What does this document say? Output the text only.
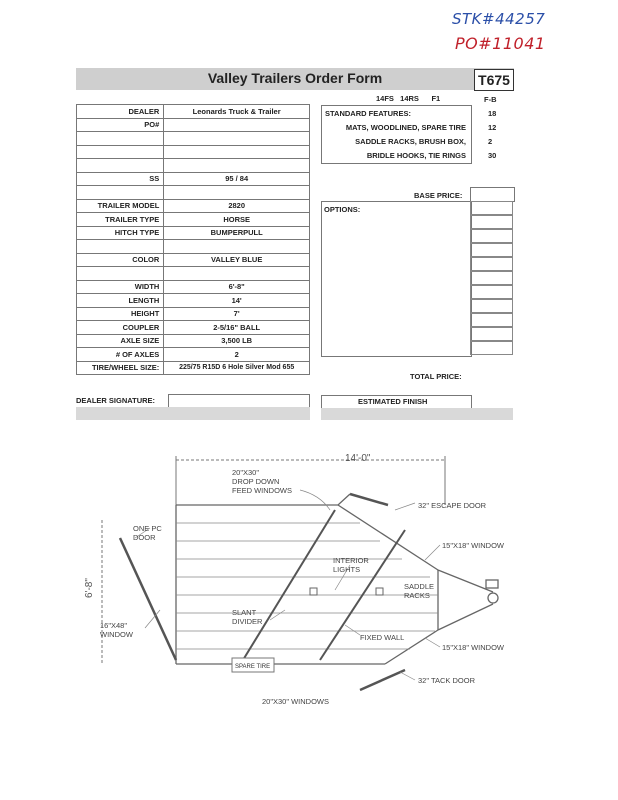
STK#44257
PO#11041
Valley Trailers Order Form	T675
14FS   14RS      F1	F-B
DEALER	Leonards Truck & Trailer
PO#	

SS	95 / 84

TRAILER MODEL	2820
TRAILER TYPE	HORSE
HITCH TYPE	BUMPERPULL

COLOR	VALLEY BLUE

WIDTH	6'-8"
LENGTH	14'
HEIGHT	7'
COUPLER	2-5/16" BALL
AXLE SIZE	3,500 LB
# OF AXLES	2
TIRE/WHEEL SIZE:	225/75 R15D 6 Hole Silver Mod 655
STANDARD FEATURES:	18
MATS, WOODLINED, SPARE TIRE	12
SADDLE RACKS, BRUSH BOX,	2
BRIDLE HOOKS, TIE RINGS	30
BASE PRICE:
OPTIONS:
TOTAL PRICE:
DEALER SIGNATURE:	ESTIMATED FINISH
14'-0"
6'-8"
SPARE TIRE
20"X30"
DROP DOWN
FEED WINDOWS
32" ESCAPE DOOR
ONE PC
DOOR
15"X18" WINDOW
INTERIOR
LIGHTS
SADDLE
RACKS
16"X48"
WINDOW
SLANT
DIVIDER
FIXED WALL
15"X18" WINDOW
32" TACK DOOR
20"X30" WINDOWS
